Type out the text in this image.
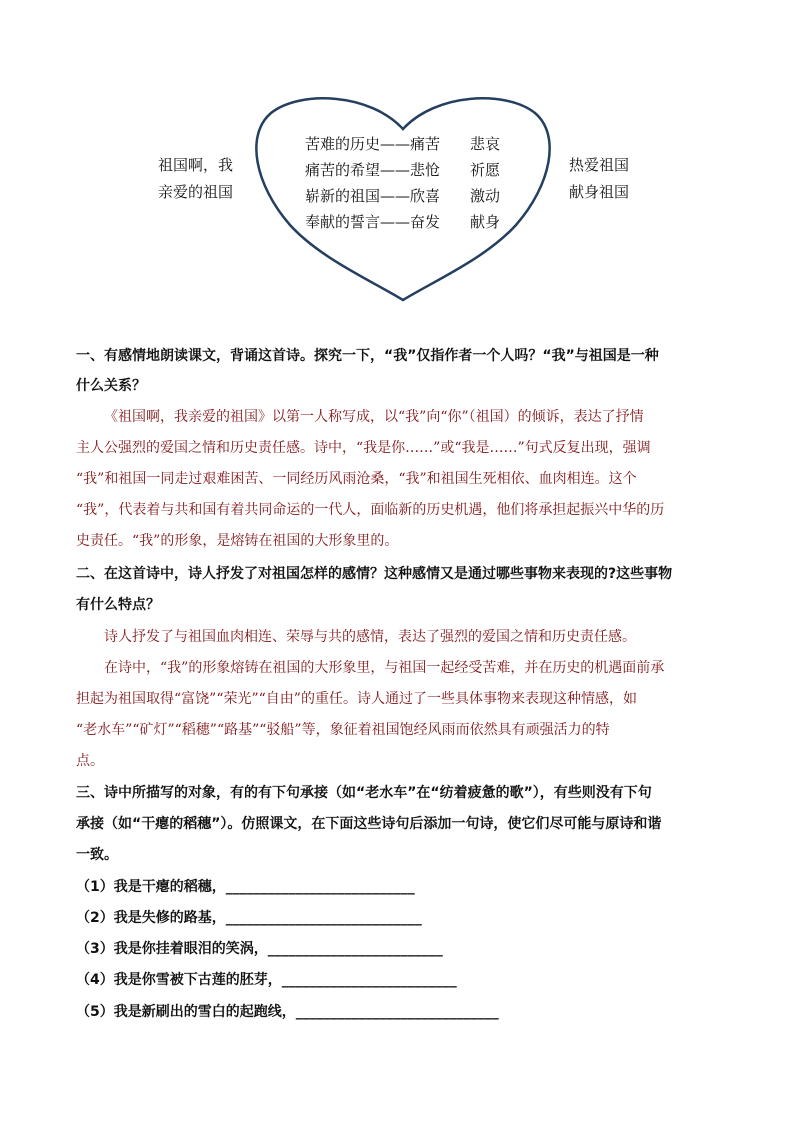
祖国啊，我
亲爱的祖国
热爱祖国
献身祖国
苦难的历史——痛苦 悲哀
痛苦的希望——悲怆 祈愿
崭新的祖国——欣喜 激动
奉献的誓言——奋发 献身
一、有感情地朗读课文，背诵这首诗。探究一下，“我”仅指作者一个人吗？“我”与祖国是一种
什么关系？
《祖国啊，我亲爱的祖国》以第一人称写成，以“我”向“你”（祖国）的倾诉，表达了抒情
主人公强烈的爱国之情和历史责任感。诗中，“我是你……”或“我是……”句式反复出现，强调
“我”和祖国一同走过艰难困苦、一同经历风雨沧桑，“我”和祖国生死相依、血肉相连。这个
“我”，代表着与共和国有着共同命运的一代人，面临新的历史机遇，他们将承担起振兴中华的历
史责任。“我”的形象，是熔铸在祖国的大形象里的。
二、在这首诗中，诗人抒发了对祖国怎样的感情？这种感情又是通过哪些事物来表现的?这些事物
有什么特点？
诗人抒发了与祖国血肉相连、荣辱与共的感情，表达了强烈的爱国之情和历史责任感。
在诗中，“我”的形象熔铸在祖国的大形象里，与祖国一起经受苦难，并在历史的机遇面前承
担起为祖国取得“富饶”“荣光”“自由”的重任。诗人通过了一些具体事物来表现这种情感，如
“老水车”“矿灯”“稻穗”“路基”“驳船”等，象征着祖国饱经风雨而依然具有顽强活力的特
点。
三、诗中所描写的对象，有的有下句承接（如“老水车”在“纺着疲惫的歌”），有些则没有下句
承接（如“干瘪的稻穗”）。仿照课文，在下面这些诗句后添加一句诗，使它们尽可能与原诗和谐
一致。
（1）我是干瘪的稻穗，___________________________
（2）我是失修的路基，____________________________
（3）我是你挂着眼泪的笑涡，_________________________
（4）我是你雪被下古莲的胚芽，_________________________
（5）我是新刷出的雪白的起跑线，_____________________________
